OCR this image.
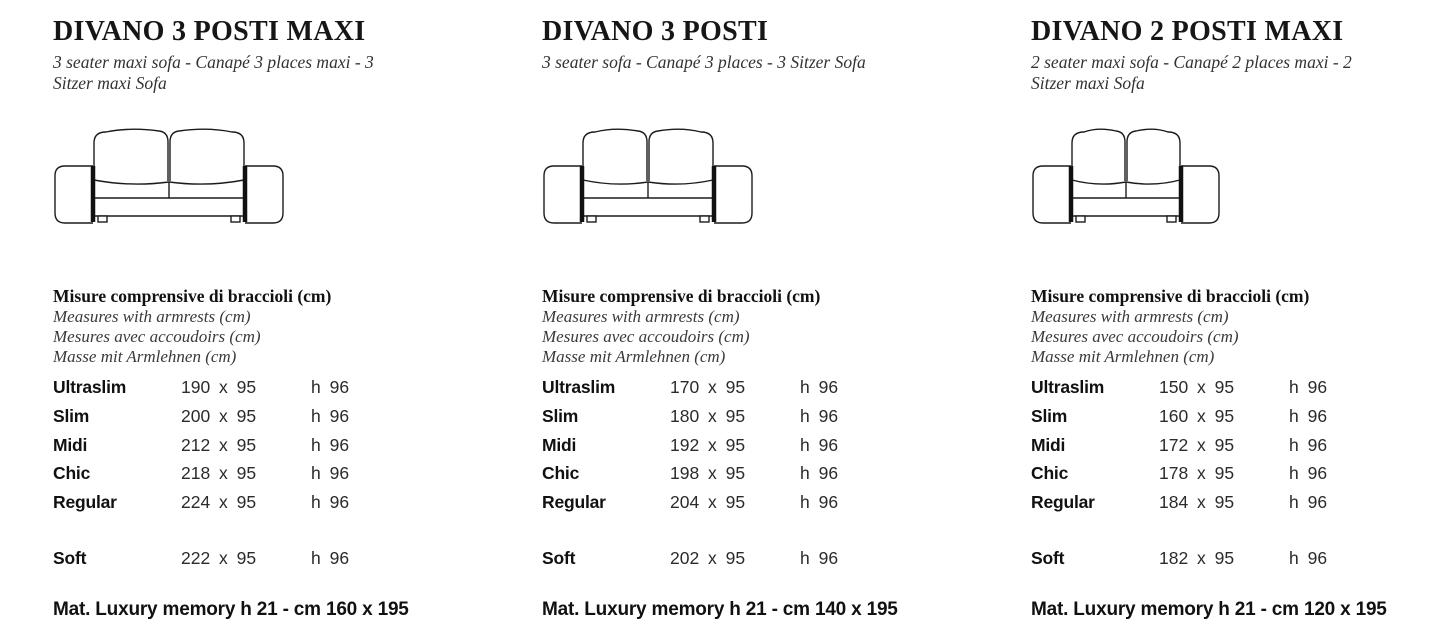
DIVANO 3 POSTI MAXI
3 seater maxi sofa - Canapé 3 places maxi - 3
Sitzer maxi Sofa
Misure comprensive di braccioli (cm)
Measures with armrests (cm)
Mesures avec accoudoirs (cm)
Masse mit Armlehnen (cm)
Ultraslim	190 x 95	h 96
Slim	200 x 95	h 96
Midi	212 x 95	h 96
Chic	218 x 95	h 96
Regular	224 x 95	h 96
Soft	222 x 95	h 96
Mat. Luxury memory h 21 - cm 160 x 195
DIVANO 3 POSTI
3 seater sofa - Canapé 3 places - 3 Sitzer Sofa
Misure comprensive di braccioli (cm)
Measures with armrests (cm)
Mesures avec accoudoirs (cm)
Masse mit Armlehnen (cm)
Ultraslim	170 x 95	h 96
Slim	180 x 95	h 96
Midi	192 x 95	h 96
Chic	198 x 95	h 96
Regular	204 x 95	h 96
Soft	202 x 95	h 96
Mat. Luxury memory h 21 - cm 140 x 195
DIVANO 2 POSTI MAXI
2 seater maxi sofa - Canapé 2 places maxi - 2
Sitzer maxi Sofa
Misure comprensive di braccioli (cm)
Measures with armrests (cm)
Mesures avec accoudoirs (cm)
Masse mit Armlehnen (cm)
Ultraslim	150 x 95	h 96
Slim	160 x 95	h 96
Midi	172 x 95	h 96
Chic	178 x 95	h 96
Regular	184 x 95	h 96
Soft	182 x 95	h 96
Mat. Luxury memory h 21 - cm 120 x 195
